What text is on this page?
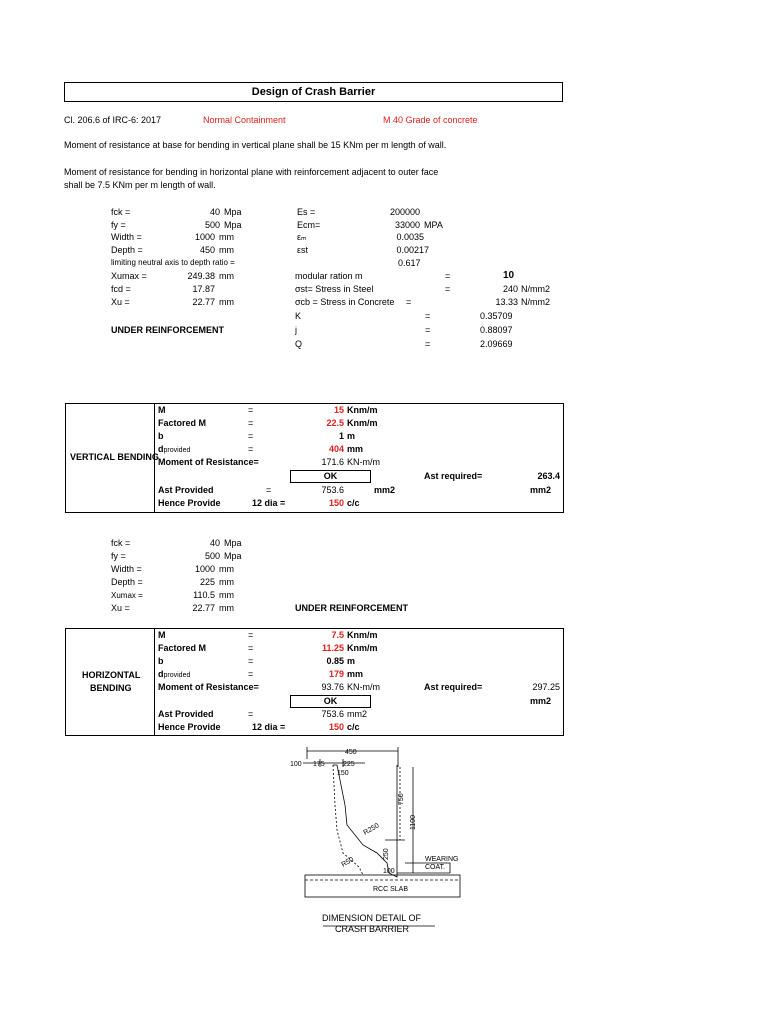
Design of Crash Barrier
Cl. 206.6 of IRC-6: 2017	Normal Containment	M 40 Grade of concrete
Moment of resistance at base for bending in vertical plane shall be 15 KNm per m length of wall.
Moment of resistance for bending in horizontal plane with reinforcement adjacent to outer face
shall be 7.5 KNm per m length of wall.
fck =	40 Mpa
fy =	500 Mpa
Width =	1000 mm
Depth =	450 mm
limiting neutral axis to depth ratio =	0.617
Xumax =	249.38 mm
fcd =	17.87
Xu =	22.77 mm
UNDER REINFORCEMENT
Es =	200000
Ecm=	33000 MPA
εₘ	0.0035
εst	0.00217
modular ration m	=	10
σst= Stress in Steel	=	240 N/mm2
σcb = Stress in Concrete =	13.33 N/mm2
K	=	0.35709
j	=	0.88097
Q	=	2.09669
VERTICAL BENDING
M	=	15 Knm/m
Factored M	=	22.5 Knm/m
b	=	1 m
dprovided	=	404 mm
Moment of Resistance=	171.6 KN-m/m
OK	Ast required=	263.4
Ast Provided	=	753.6	mm2	mm2
Hence Provide	12 dia =	150 c/c
fck =	40 Mpa
fy =	500 Mpa
Width =	1000 mm
Depth =	225 mm
Xumax =	110.5 mm
Xu =	22.77 mm	UNDER REINFORCEMENT
HORIZONTAL
BENDING
M	=	7.5 Knm/m
Factored M	=	11.25 Knm/m
b	=	0.85 m
dprovided	=	179 mm
Moment of Resistance=	93.76 KN-m/m	Ast required=	297.25
OK	mm2
Ast Provided	=	753.6 mm2
Hence Provide	12 dia =	150 c/c
450
100 175	225
150
750
1100
250
100
R250
R50	WEARING
COAT.
RCC SLAB
DIMENSION DETAIL OF
CRASH BARRIER
